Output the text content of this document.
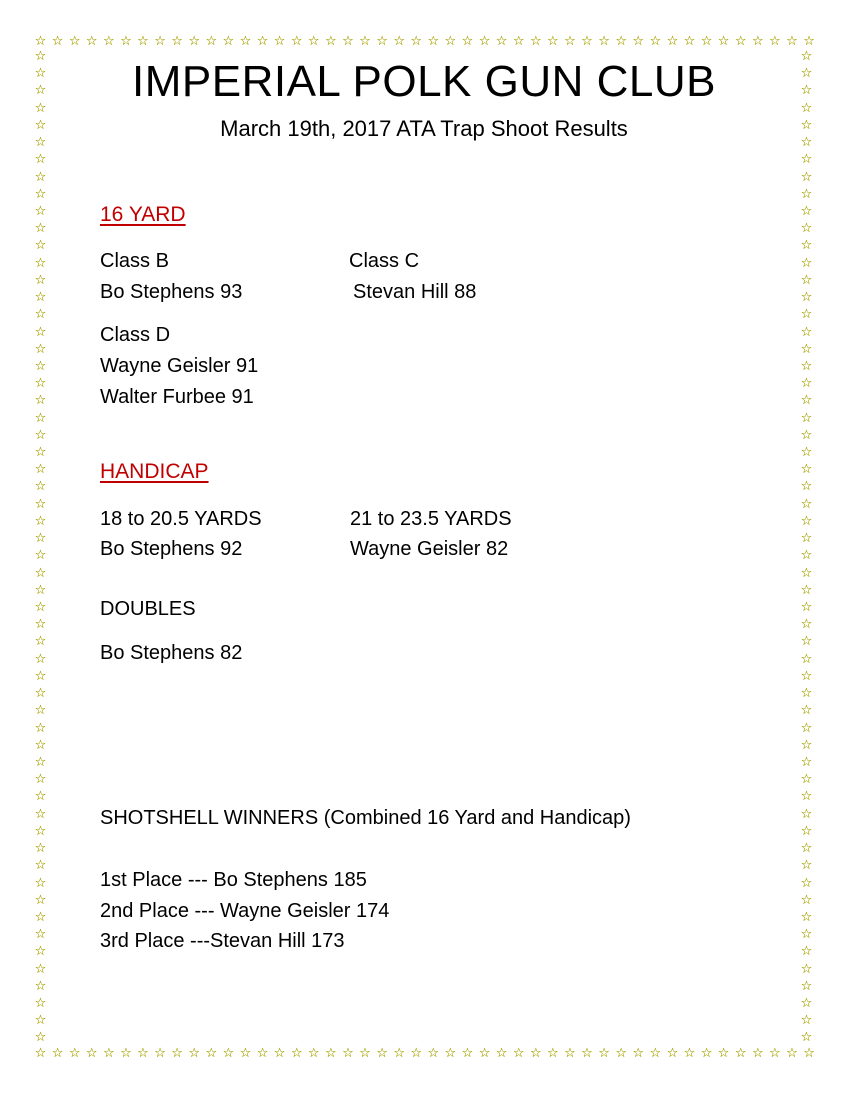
☆ ☆ ☆ ☆ ☆ ☆ ☆ ☆ ☆ ☆ ☆ ☆ ☆ ☆ ☆ ☆ ☆ ☆ ☆ ☆ ☆ ☆ ☆ ☆ ☆ ☆ ☆ ☆ ☆ ☆ ☆ ☆ ☆ ☆ ☆ ☆ ☆ ☆ ☆ ☆ ☆ ☆ ☆ ☆ ☆ ☆
☆ ☆ ☆ ☆ ☆ ☆ ☆ ☆ ☆ ☆ ☆ ☆ ☆ ☆ ☆ ☆ ☆ ☆ ☆ ☆ ☆ ☆ ☆ ☆ ☆ ☆ ☆ ☆ ☆ ☆ ☆ ☆ ☆ ☆ ☆ ☆ ☆ ☆ ☆ ☆ ☆ ☆ ☆ ☆ ☆ ☆
☆
☆
☆
☆
☆
☆
☆
☆
☆
☆
☆
☆
☆
☆
☆
☆
☆
☆
☆
☆
☆
☆
☆
☆
☆
☆
☆
☆
☆
☆
☆
☆
☆
☆
☆
☆
☆
☆
☆
☆
☆
☆
☆
☆
☆
☆
☆
☆
☆
☆
☆
☆
☆
☆
☆
☆
☆
☆
☆
☆
☆
☆
☆
☆
☆
☆
☆
☆
☆
☆
☆
☆
☆
☆
☆
☆
☆
☆
☆
☆
☆
☆
☆
☆
☆
☆
☆
☆
☆
☆
☆
☆
☆
☆
☆
☆
☆
☆
☆
☆
☆
☆
☆
☆
☆
☆
☆
☆
☆
☆
☆
☆
☆
☆
☆
☆
IMPERIAL POLK GUN CLUB
March 19th, 2017 ATA Trap Shoot Results
16 YARD
Class B
Bo Stephens 93
Class C
Stevan Hill 88
Class D
Wayne Geisler 91
Walter Furbee 91
HANDICAP
18 to 20.5 YARDS
Bo Stephens 92
21 to 23.5 YARDS
Wayne Geisler 82
DOUBLES
Bo Stephens 82
SHOTSHELL WINNERS (Combined 16 Yard and Handicap)
1st Place --- Bo Stephens 185
2nd Place --- Wayne Geisler 174
3rd Place ---Stevan Hill 173
